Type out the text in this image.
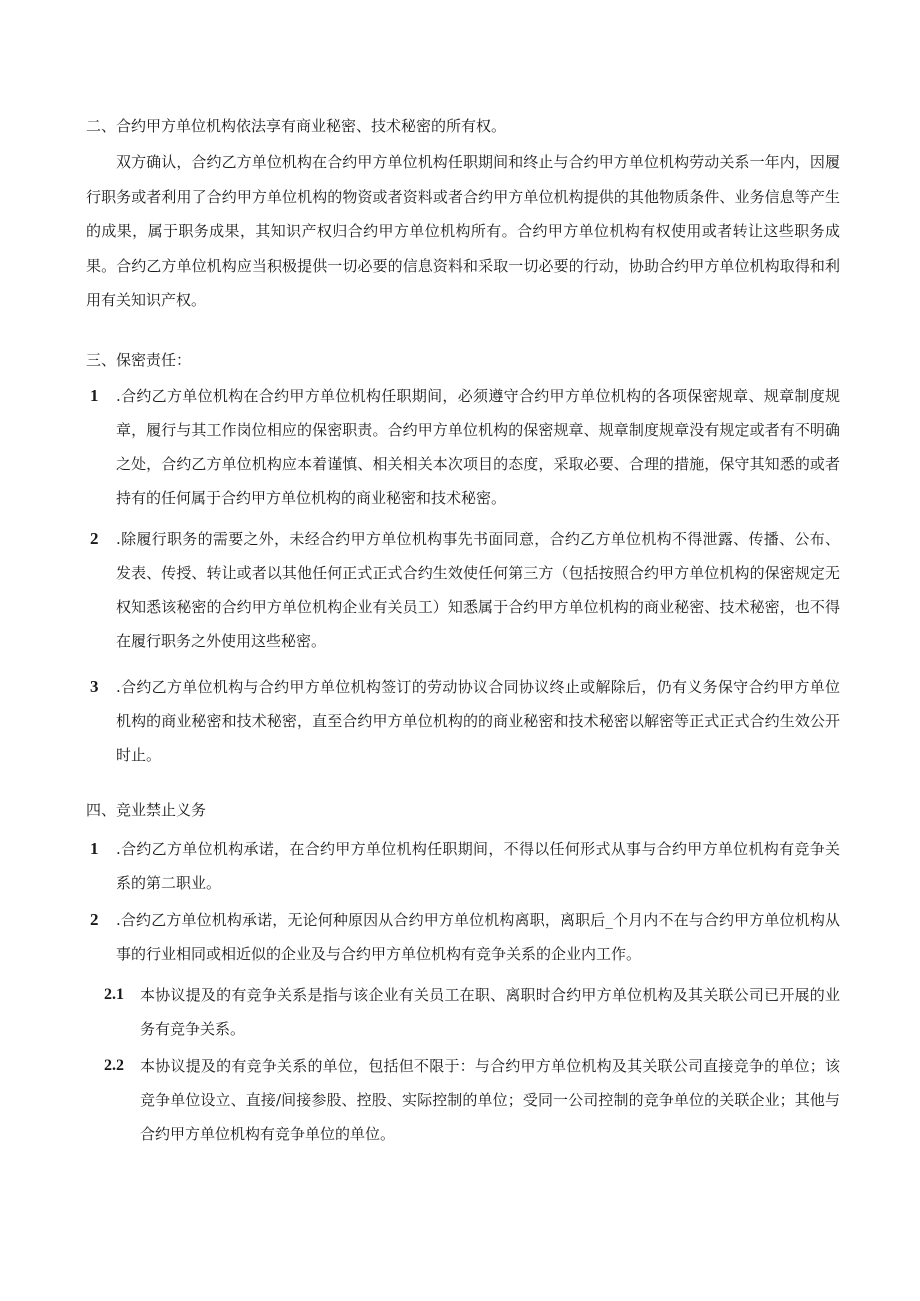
二、合约甲方单位机构依法享有商业秘密、技术秘密的所有权。
双方确认，合约乙方单位机构在合约甲方单位机构任职期间和终止与合约甲方单位机构劳动关系一年内，因履行职务或者利用了合约甲方单位机构的物资或者资料或者合约甲方单位机构提供的其他物质条件、业务信息等产生的成果，属于职务成果，其知识产权归合约甲方单位机构所有。合约甲方单位机构有权使用或者转让这些职务成果。合约乙方单位机构应当积极提供一切必要的信息资料和采取一切必要的行动，协助合约甲方单位机构取得和利用有关知识产权。
三、保密责任：
1	.合约乙方单位机构在合约甲方单位机构任职期间，必须遵守合约甲方单位机构的各项保密规章、规章制度规章，履行与其工作岗位相应的保密职责。合约甲方单位机构的保密规章、规章制度规章没有规定或者有不明确之处，合约乙方单位机构应本着谨慎、相关相关本次项目的态度，采取必要、合理的措施，保守其知悉的或者持有的任何属于合约甲方单位机构的商业秘密和技术秘密。
2	.除履行职务的需要之外，未经合约甲方单位机构事先书面同意，合约乙方单位机构不得泄露、传播、公布、发表、传授、转让或者以其他任何正式正式合约生效使任何第三方（包括按照合约甲方单位机构的保密规定无权知悉该秘密的合约甲方单位机构企业有关员工）知悉属于合约甲方单位机构的商业秘密、技术秘密，也不得在履行职务之外使用这些秘密。
3	.合约乙方单位机构与合约甲方单位机构签订的劳动协议合同协议终止或解除后，仍有义务保守合约甲方单位机构的商业秘密和技术秘密，直至合约甲方单位机构的的商业秘密和技术秘密以解密等正式正式合约生效公开时止。
四、竞业禁止义务
1	.合约乙方单位机构承诺，在合约甲方单位机构任职期间，不得以任何形式从事与合约甲方单位机构有竞争关系的第二职业。
2	.合约乙方单位机构承诺，无论何种原因从合约甲方单位机构离职，离职后_个月内不在与合约甲方单位机构从事的行业相同或相近似的企业及与合约甲方单位机构有竞争关系的企业内工作。
2.1	本协议提及的有竞争关系是指与该企业有关员工在职、离职时合约甲方单位机构及其关联公司已开展的业务有竞争关系。
2.2	本协议提及的有竞争关系的单位，包括但不限于：与合约甲方单位机构及其关联公司直接竞争的单位；该竞争单位设立、直接/间接参股、控股、实际控制的单位；受同一公司控制的竞争单位的关联企业；其他与合约甲方单位机构有竞争单位的单位。
